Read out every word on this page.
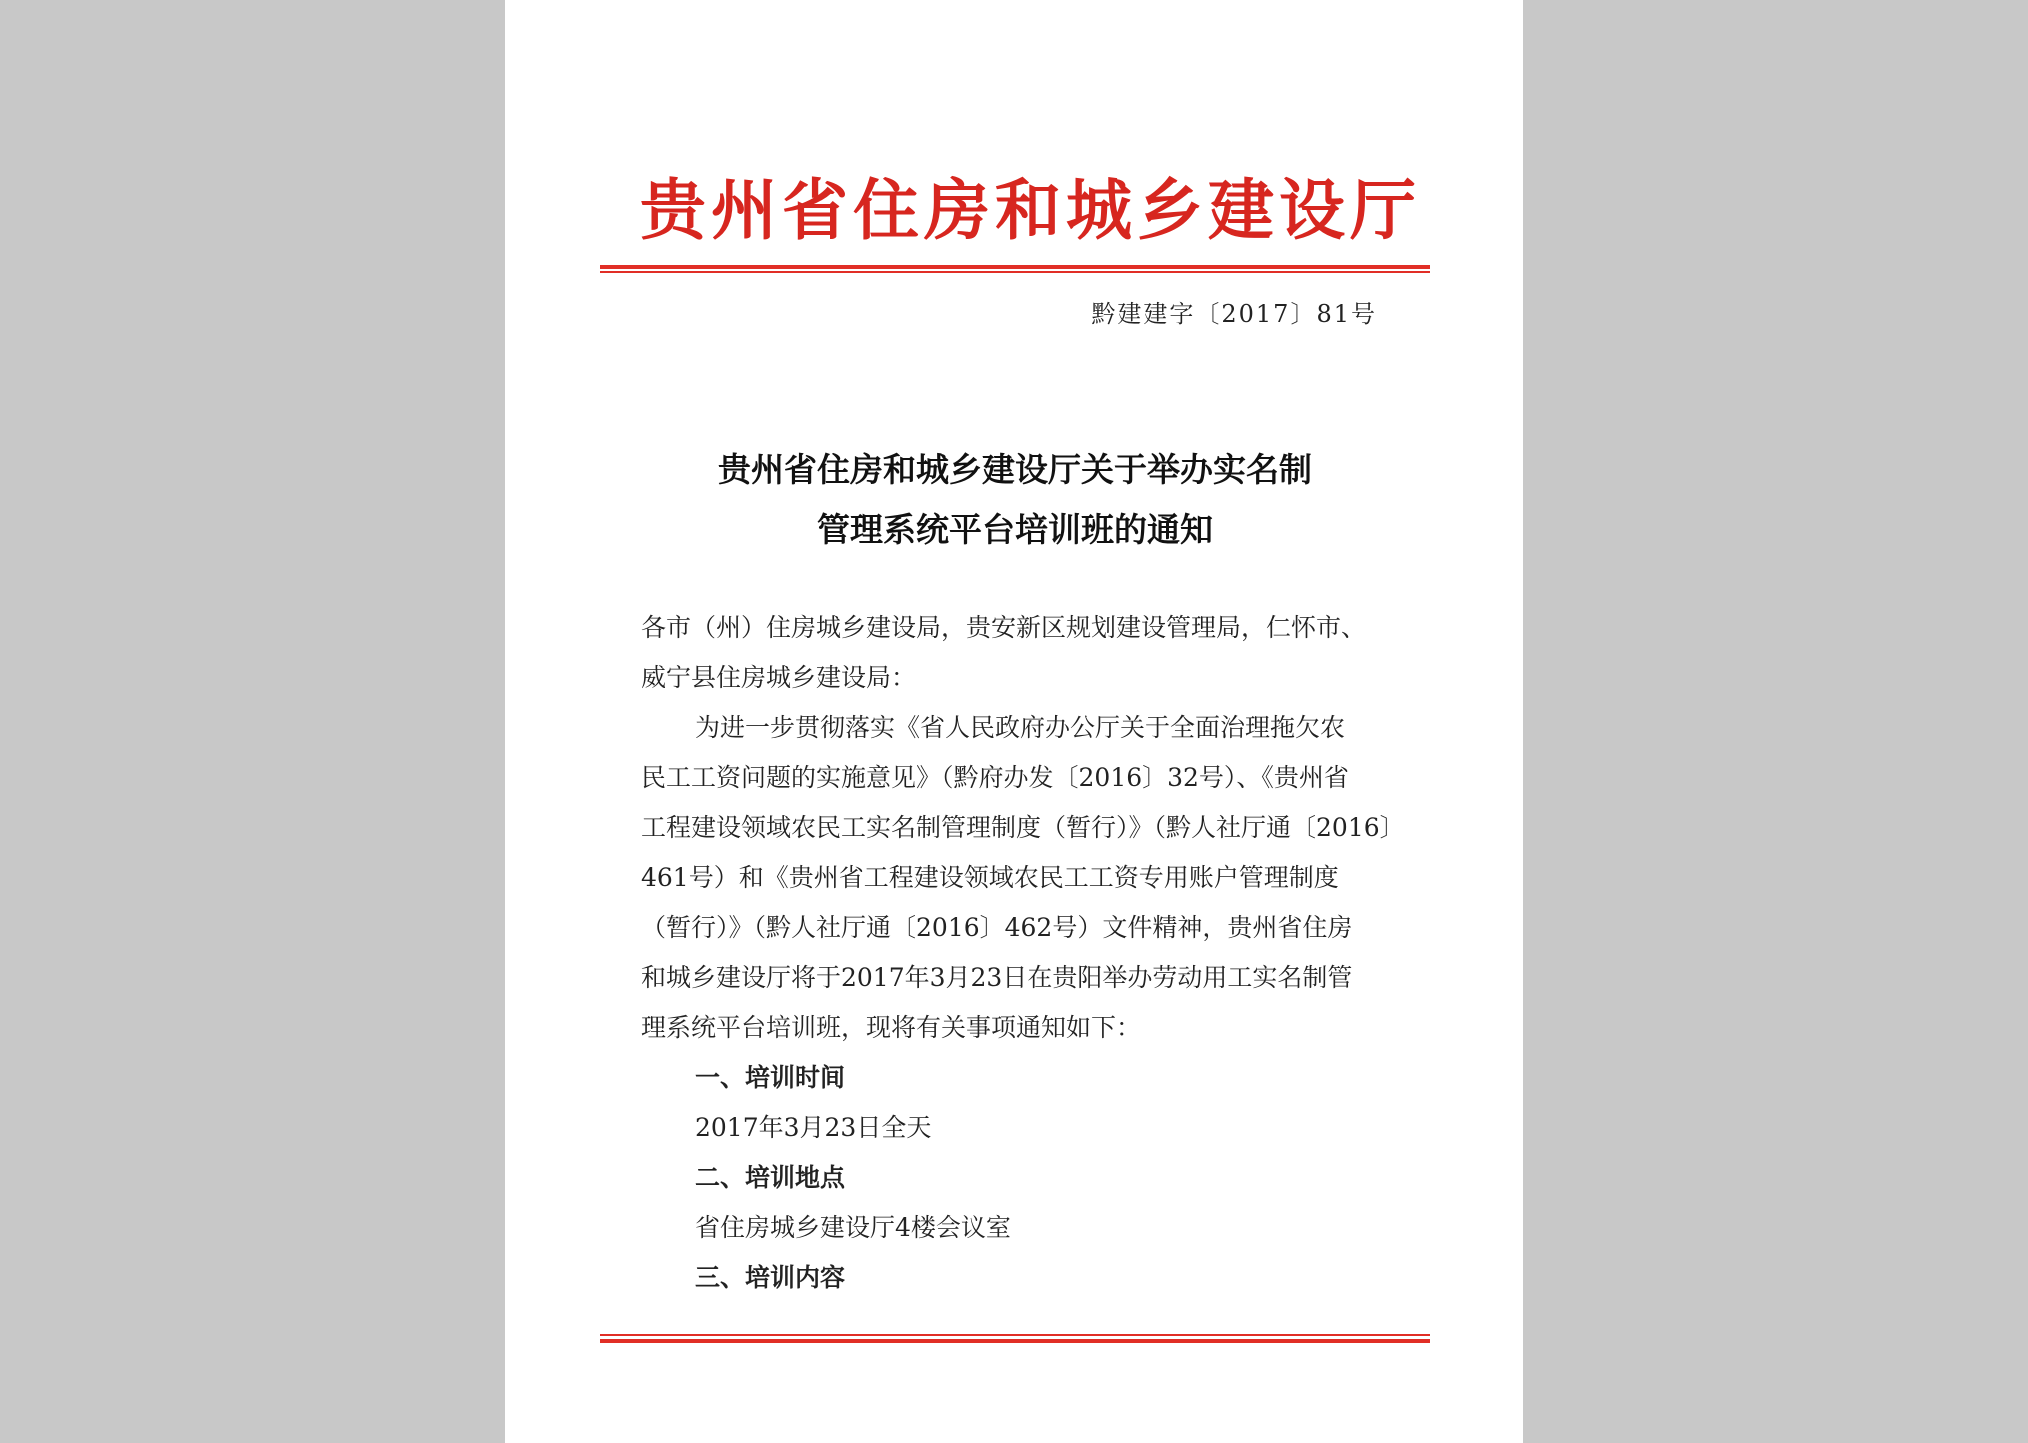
贵州省住房和城乡建设厅
黔建建字〔2017〕81号
贵州省住房和城乡建设厅关于举办实名制
管理系统平台培训班的通知
各市（州）住房城乡建设局，贵安新区规划建设管理局，仁怀市、
威宁县住房城乡建设局：
为进一步贯彻落实《省人民政府办公厅关于全面治理拖欠农
民工工资问题的实施意见》（黔府办发〔2016〕32号）、《贵州省
工程建设领域农民工实名制管理制度（暂行）》（黔人社厅通〔2016〕
461号）和《贵州省工程建设领域农民工工资专用账户管理制度
（暂行）》（黔人社厅通〔2016〕462号）文件精神，贵州省住房
和城乡建设厅将于2017年3月23日在贵阳举办劳动用工实名制管
理系统平台培训班，现将有关事项通知如下：
一、培训时间
2017年3月23日全天
二、培训地点
省住房城乡建设厅4楼会议室
三、培训内容
